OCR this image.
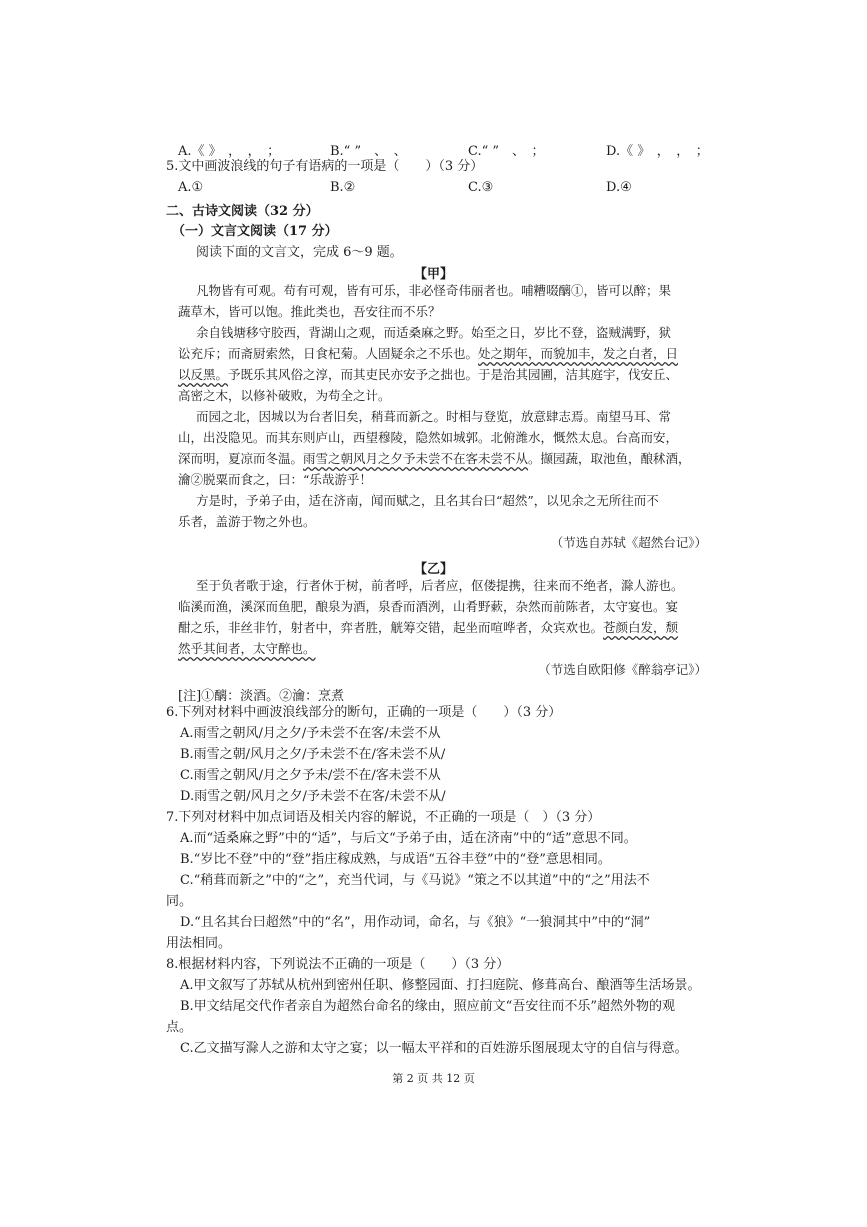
A.《 》　，　，　；	B.“ ”　、　、	C.“ ”　、　；	D.《 》　，　，　；
5.文中画波浪线的句子有语病的一项是（　　）（3 分）
A.①	B.②	C.③	D.④
二、古诗文阅读（32 分）
（一）文言文阅读（17 分）
阅读下面的文言文，完成 6～9 题。
【甲】
凡物皆有可观。苟有可观，皆有可乐，非必怪奇伟丽者也。哺糟啜醨①，皆可以醉；果
蔬草木，皆可以饱。推此类也，吾安往而不乐？
余自钱塘移守胶西，背湖山之观，而适桑麻之野。始至之日，岁比不登，盗贼满野，狱
讼充斥；而斋厨索然，日食杞菊。人固疑余之不乐也。处之期年，而貌加丰，发之白者，日
以反黑。予既乐其风俗之淳，而其吏民亦安予之拙也。于是治其园圃，洁其庭宇，伐安丘、
高密之木，以修补破败，为苟全之计。
而园之北，因城以为台者旧矣，稍葺而新之。时相与登览，放意肆志焉。南望马耳、常
山，出没隐见。而其东则庐山，西望穆陵，隐然如城郭。北俯潍水，慨然太息。台高而安，
深而明，夏凉而冬温。雨雪之朝风月之夕予未尝不在客未尝不从。撷园蔬，取池鱼，酿秫酒，
瀹②脱粟而食之，曰：“乐哉游乎！
方是时，予弟子由，适在济南，闻而赋之，且名其台曰“超然”，以见余之无所往而不
乐者，盖游于物之外也。
（节选自苏轼《超然台记》）
【乙】
至于负者歌于途，行者休于树，前者呼，后者应，伛偻提携，往来而不绝者，滁人游也。
临溪而渔，溪深而鱼肥，酿泉为酒，泉香而酒洌，山肴野蔌，杂然而前陈者，太守宴也。宴
酣之乐，非丝非竹，射者中，弈者胜，觥筹交错，起坐而喧哗者，众宾欢也。苍颜白发，颓
然乎其间者，太守醉也。
（节选自欧阳修《醉翁亭记》）
[注]①醨：淡酒。②瀹：烹煮
6.下列对材料中画波浪线部分的断句，正确的一项是（　　）（3 分）
A.雨雪之朝风/月之夕/予未尝不在客/未尝不从
B.雨雪之朝/风月之夕/予未尝不在/客未尝不从/
C.雨雪之朝风/月之夕予未/尝不在/客未尝不从
D.雨雪之朝/风月之夕/予未尝不在客/未尝不从/
7.下列对材料中加点词语及相关内容的解说，不正确的一项是（　）（3 分）
A.而“适桑麻之野”中的“适”，与后文“予弟子由，适在济南”中的“适”意思不同。
B.“岁比不登”中的“登”指庄稼成熟，与成语“五谷丰登”中的“登”意思相同。
C.“稍葺而新之”中的“之”，充当代词，与《马说》“策之不以其道”中的“之”用法不
同。
D.“且名其台曰超然”中的“名”，用作动词，命名，与《狼》“一狼洞其中”中的“洞”
用法相同。
8.根据材料内容，下列说法不正确的一项是（　　）（3 分）
A.甲文叙写了苏轼从杭州到密州任职、修整园面、打扫庭院、修葺高台、酿酒等生活场景。
B.甲文结尾交代作者亲自为超然台命名的缘由，照应前文“吾安往而不乐”超然外物的观
点。
C.乙文描写滁人之游和太守之宴；以一幅太平祥和的百姓游乐图展现太守的自信与得意。
第 2 页 共 12 页
